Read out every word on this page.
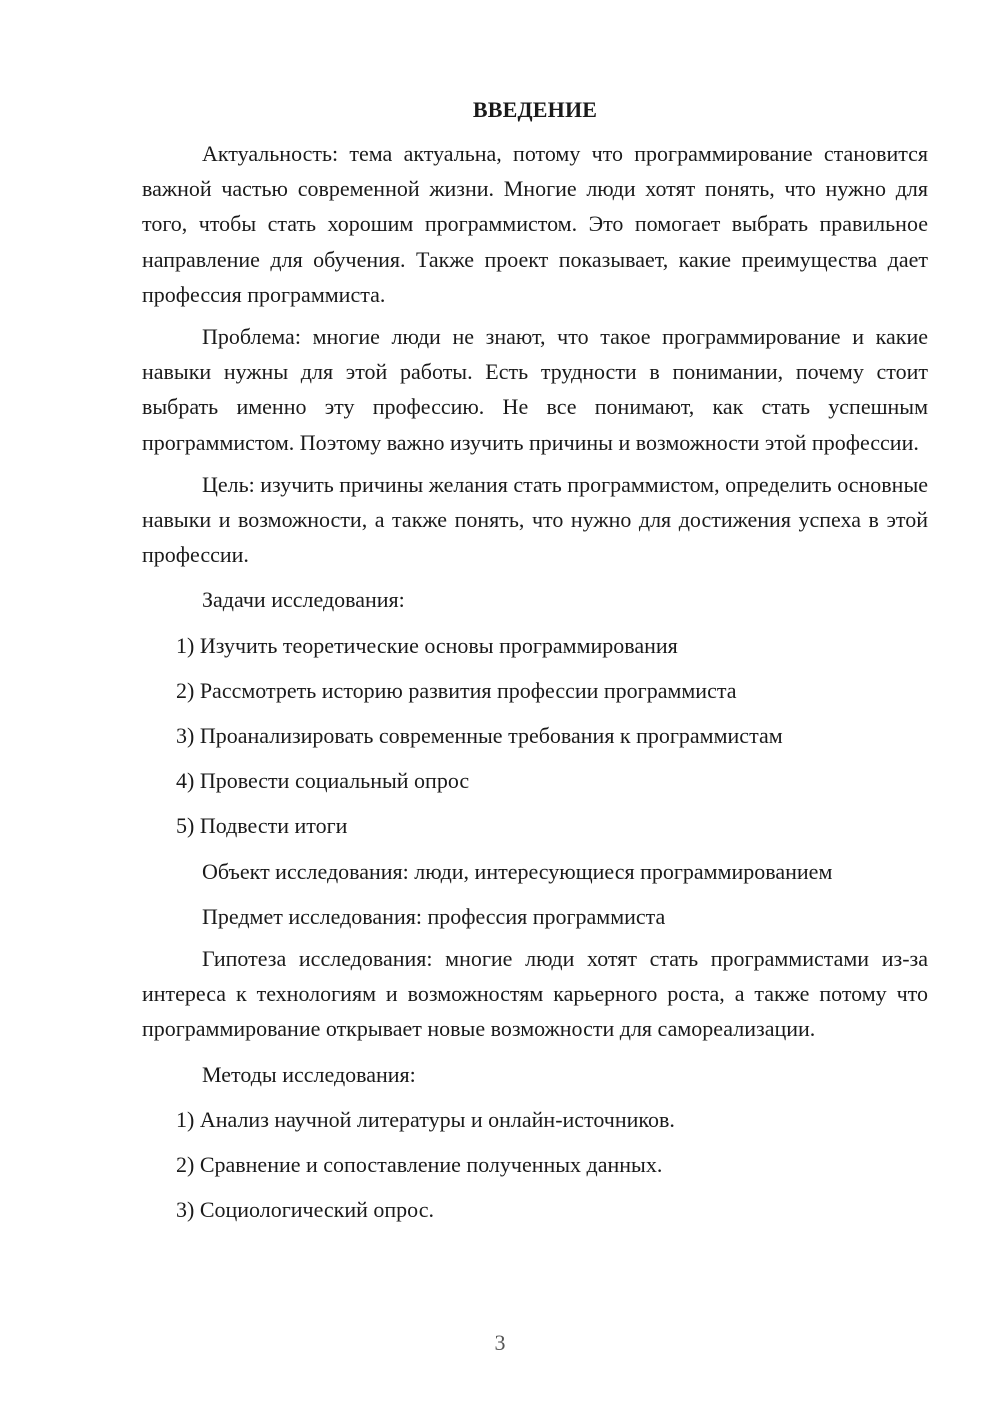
ВВЕДЕНИЕ

Актуальность: тема актуальна, потому что программирование становится важной частью современной жизни. Многие люди хотят понять, что нужно для того, чтобы стать хорошим программистом. Это помогает выбрать правильное направление для обучения. Также проект показывает, какие преимущества дает профессия программиста.

Проблема: многие люди не знают, что такое программирование и какие навыки нужны для этой работы. Есть трудности в понимании, почему стоит выбрать именно эту профессию. Не все понимают, как стать успешным программистом. Поэтому важно изучить причины и возможности этой профессии.

Цель: изучить причины желания стать программистом, определить основные навыки и возможности, а также понять, что нужно для достижения успеха в этой профессии.

Задачи исследования:

1) Изучить теоретические основы программирования

2) Рассмотреть историю развития профессии программиста

3) Проанализировать современные требования к программистам

4) Провести социальный опрос

5) Подвести итоги

Объект исследования: люди, интересующиеся программированием

Предмет исследования: профессия программиста

Гипотеза исследования: многие люди хотят стать программистами из-за интереса к технологиям и возможностям карьерного роста, а также потому что программирование открывает новые возможности для самореализации.

Методы исследования:

1) Анализ научной литературы и онлайн-источников.

2) Сравнение и сопоставление полученных данных.

3) Социологический опрос.

3
